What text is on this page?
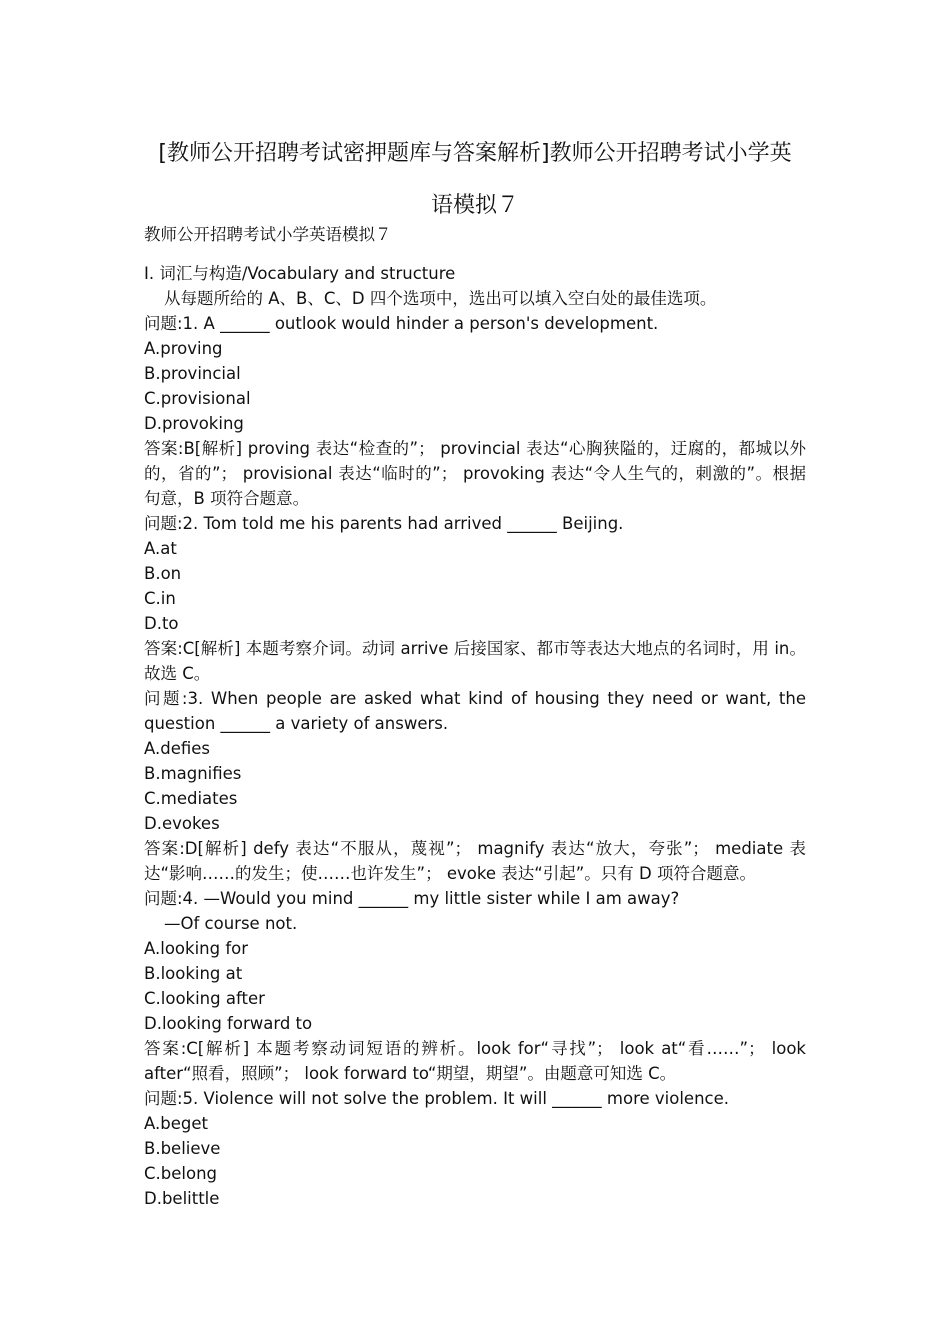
[教师公开招聘考试密押题库与答案解析]教师公开招聘考试小学英
语模拟７

教师公开招聘考试小学英语模拟７

Ⅰ. 词汇与构造/Vocabulary and structure

从每题所给的 A、B、C、D 四个选项中，选出可以填入空白处的最佳选项。

问题:1. A ______ outlook would hinder a person's development.

A.proving

B.provincial

C.provisional

D.provoking

答案:B[解析] proving 表达“检查的”； provincial 表达“心胸狭隘的，迂腐的，都城以外的，省的”； provisional 表达“临时的”； provoking 表达“令人生气的，刺激的”。根据句意，B 项符合题意。

问题:2. Tom told me his parents had arrived ______ Beijing.

A.at

B.on

C.in

D.to

答案:C[解析] 本题考察介词。动词 arrive 后接国家、都市等表达大地点的名词时，用 in。故选 C。

问题:3. When people are asked what kind of housing they need or want, the question ______ a variety of answers.

A.defies

B.magnifies

C.mediates

D.evokes

答案:D[解析] defy 表达“不服从，蔑视”； magnify 表达“放大，夸张”； mediate 表达“影响……的发生；使……也许发生”； evoke 表达“引起”。只有 D 项符合题意。

问题:4. —Would you mind ______ my little sister while I am away?

—Of course not.

A.looking for

B.looking at

C.looking after

D.looking forward to

答案:C[解析] 本题考察动词短语的辨析。look for“寻找”； look at“看……”； look after“照看，照顾”； look forward to“期望，期望”。由题意可知选 C。

问题:5. Violence will not solve the problem. It will ______ more violence.

A.beget

B.believe

C.belong

D.belittle
